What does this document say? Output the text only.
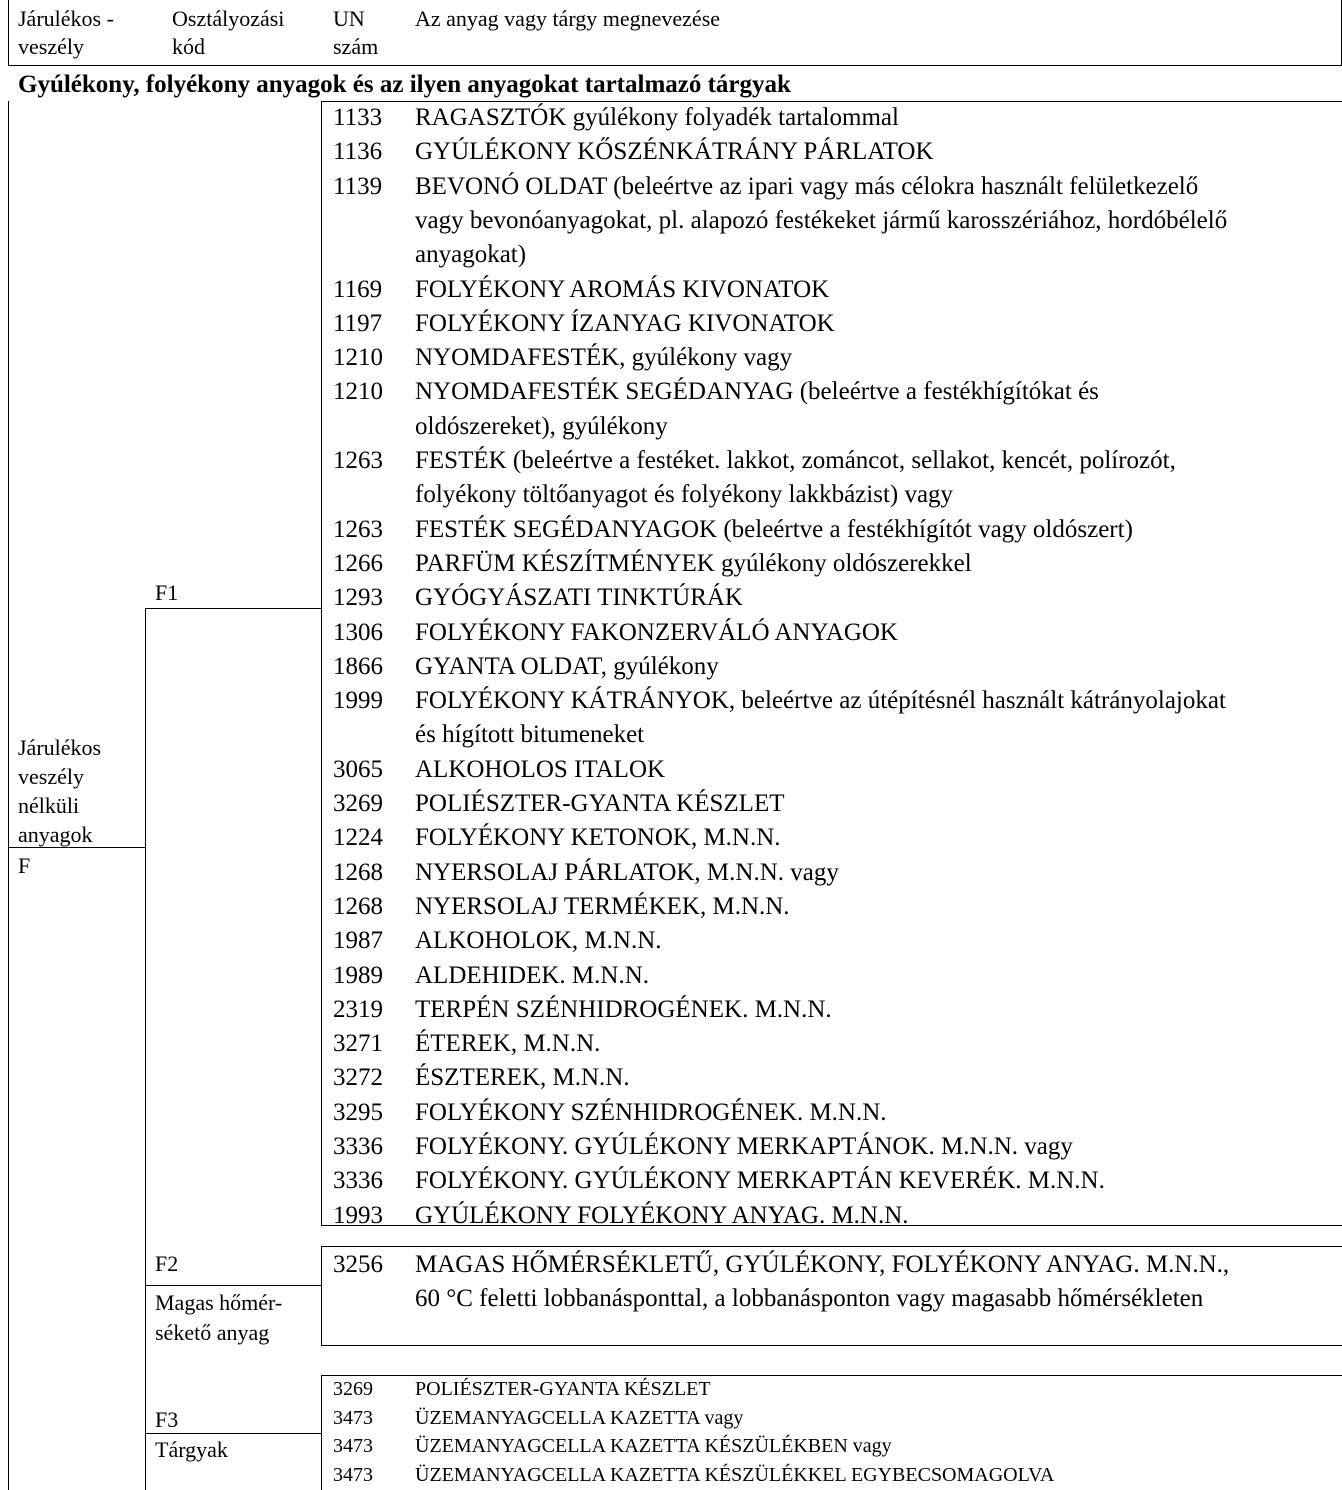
Járulékos -
veszély
Osztályozási
kód
UN
szám
Az anyag vagy tárgy megnevezése
Gyúlékony, folyékony anyagok és az ilyen anyagokat tartalmazó tárgyak
Járulékos
veszély
nélküli
anyagok
F
F1
F2
Magas hőmér-
sékető anyag
F3
Tárgyak
1133 RAGASZTÓK gyúlékony folyadék tartalommal
1136 GYÚLÉKONY KŐSZÉNKÁTRÁNY PÁRLATOK
1139 BEVONÓ OLDAT (beleértve az ipari vagy más célokra használt felületkezelő
vagy bevonóanyagokat, pl. alapozó festékeket jármű karosszériához, hordóbélelő
anyagokat)
1169 FOLYÉKONY AROMÁS KIVONATOK
1197 FOLYÉKONY ÍZANYAG KIVONATOK
1210 NYOMDAFESTÉK, gyúlékony vagy
1210 NYOMDAFESTÉK SEGÉDANYAG (beleértve a festékhígítókat és
oldószereket), gyúlékony
1263 FESTÉK (beleértve a festéket. lakkot, zománcot, sellakot, kencét, polírozót,
folyékony töltőanyagot és folyékony lakkbázist) vagy
1263 FESTÉK SEGÉDANYAGOK (beleértve a festékhígítót vagy oldószert)
1266 PARFÜM KÉSZÍTMÉNYEK gyúlékony oldószerekkel
1293 GYÓGYÁSZATI TINKTÚRÁK
1306 FOLYÉKONY FAKONZERVÁLÓ ANYAGOK
1866 GYANTA OLDAT, gyúlékony
1999 FOLYÉKONY KÁTRÁNYOK, beleértve az útépítésnél használt kátrányolajokat
és hígított bitumeneket
3065 ALKOHOLOS ITALOK
3269 POLIÉSZTER-GYANTA KÉSZLET
1224 FOLYÉKONY KETONOK, M.N.N.
1268 NYERSOLAJ PÁRLATOK, M.N.N. vagy
1268 NYERSOLAJ TERMÉKEK, M.N.N.
1987 ALKOHOLOK, M.N.N.
1989 ALDEHIDEK. M.N.N.
2319 TERPÉN SZÉNHIDROGÉNEK. M.N.N.
3271 ÉTEREK, M.N.N.
3272 ÉSZTEREK, M.N.N.
3295 FOLYÉKONY SZÉNHIDROGÉNEK. M.N.N.
3336 FOLYÉKONY. GYÚLÉKONY MERKAPTÁNOK. M.N.N. vagy
3336 FOLYÉKONY. GYÚLÉKONY MERKAPTÁN KEVERÉK. M.N.N.
1993 GYÚLÉKONY FOLYÉKONY ANYAG. M.N.N.
3256 MAGAS HŐMÉRSÉKLETŰ, GYÚLÉKONY, FOLYÉKONY ANYAG. M.N.N.,
60 °C feletti lobbanásponttal, a lobbanásponton vagy magasabb hőmérsékleten
3269 POLIÉSZTER-GYANTA KÉSZLET
3473 ÜZEMANYAGCELLA KAZETTA vagy
3473 ÜZEMANYAGCELLA KAZETTA KÉSZÜLÉKBEN vagy
3473 ÜZEMANYAGCELLA KAZETTA KÉSZÜLÉKKEL EGYBECSOMAGOLVA
